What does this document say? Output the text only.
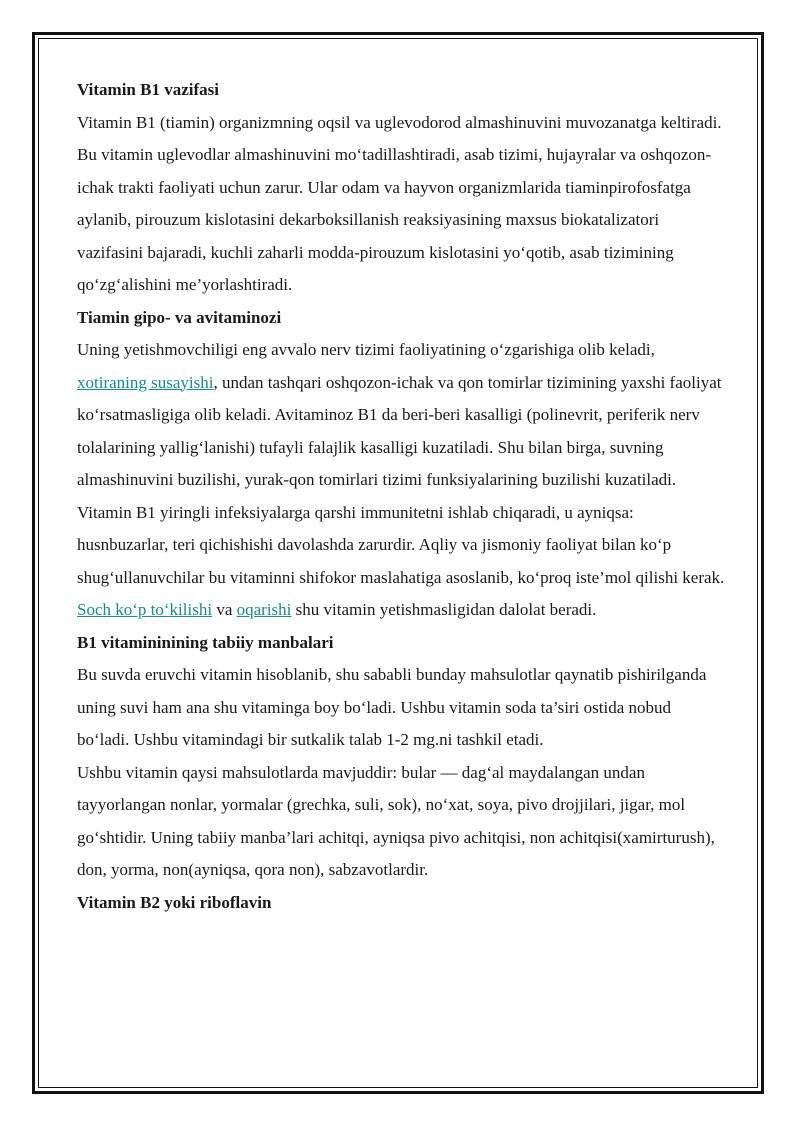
Vitamin B1 vazifasi

Vitamin B1 (tiamin) organizmning oqsil va uglevodorod almashinuvini muvozanatga keltiradi. Bu vitamin uglevodlar almashinuvini mo‘tadillashtiradi, asab tizimi, hujayralar va oshqozon-ichak trakti faoliyati uchun zarur. Ular odam va hayvon organizmlarida tiaminpirofosfatga aylanib, pirouzum kislotasini dekarboksillanish reaksiyasining maxsus biokatalizatori vazifasini bajaradi, kuchli zaharli modda-pirouzum kislotasini yo‘qotib, asab tizimining qo‘zg‘alishini me’yorlashtiradi.

Tiamin gipo- va avitaminozi

Uning yetishmovchiligi eng avvalo nerv tizimi faoliyatining o‘zgarishiga olib keladi, xotiraning susayishi, undan tashqari oshqozon-ichak va qon tomirlar tizimining yaxshi faoliyat ko‘rsatmasligiga olib keladi. Avitaminoz B1 da beri-beri kasalligi (polinevrit, periferik nerv tolalarining yallig‘lanishi) tufayli falajlik kasalligi kuzatiladi. Shu bilan birga, suvning almashinuvini buzilishi, yurak-qon tomirlari tizimi funksiyalarining buzilishi kuzatiladi. Vitamin B1 yiringli infeksiyalarga qarshi immunitetni ishlab chiqaradi, u ayniqsa: husnbuzarlar, teri qichishishi davolashda zarurdir. Aqliy va jismoniy faoliyat bilan ko‘p shug‘ullanuvchilar bu vitaminni shifokor maslahatiga asoslanib, ko‘proq iste’mol qilishi kerak. Soch ko‘p to‘kilishi va oqarishi shu vitamin yetishmasligidan dalolat beradi.

B1 vitamininining tabiiy manbalari

Bu suvda eruvchi vitamin hisoblanib, shu sababli bunday mahsulotlar qaynatib pishirilganda uning suvi ham ana shu vitaminga boy bo‘ladi. Ushbu vitamin soda ta’siri ostida nobud bo‘ladi. Ushbu vitamindagi bir sutkalik talab 1-2 mg.ni tashkil etadi.

Ushbu vitamin qaysi mahsulotlarda mavjuddir: bular — dag‘al maydalangan undan tayyorlangan nonlar, yormalar (grechka, suli, sok), no‘xat, soya, pivo drojjilari, jigar, mol go‘shtidir. Uning tabiiy manba’lari achitqi, ayniqsa pivo achitqisi, non achitqisi(xamirturush), don, yorma, non(ayniqsa, qora non), sabzavotlardir.

Vitamin B2 yoki riboflavin
